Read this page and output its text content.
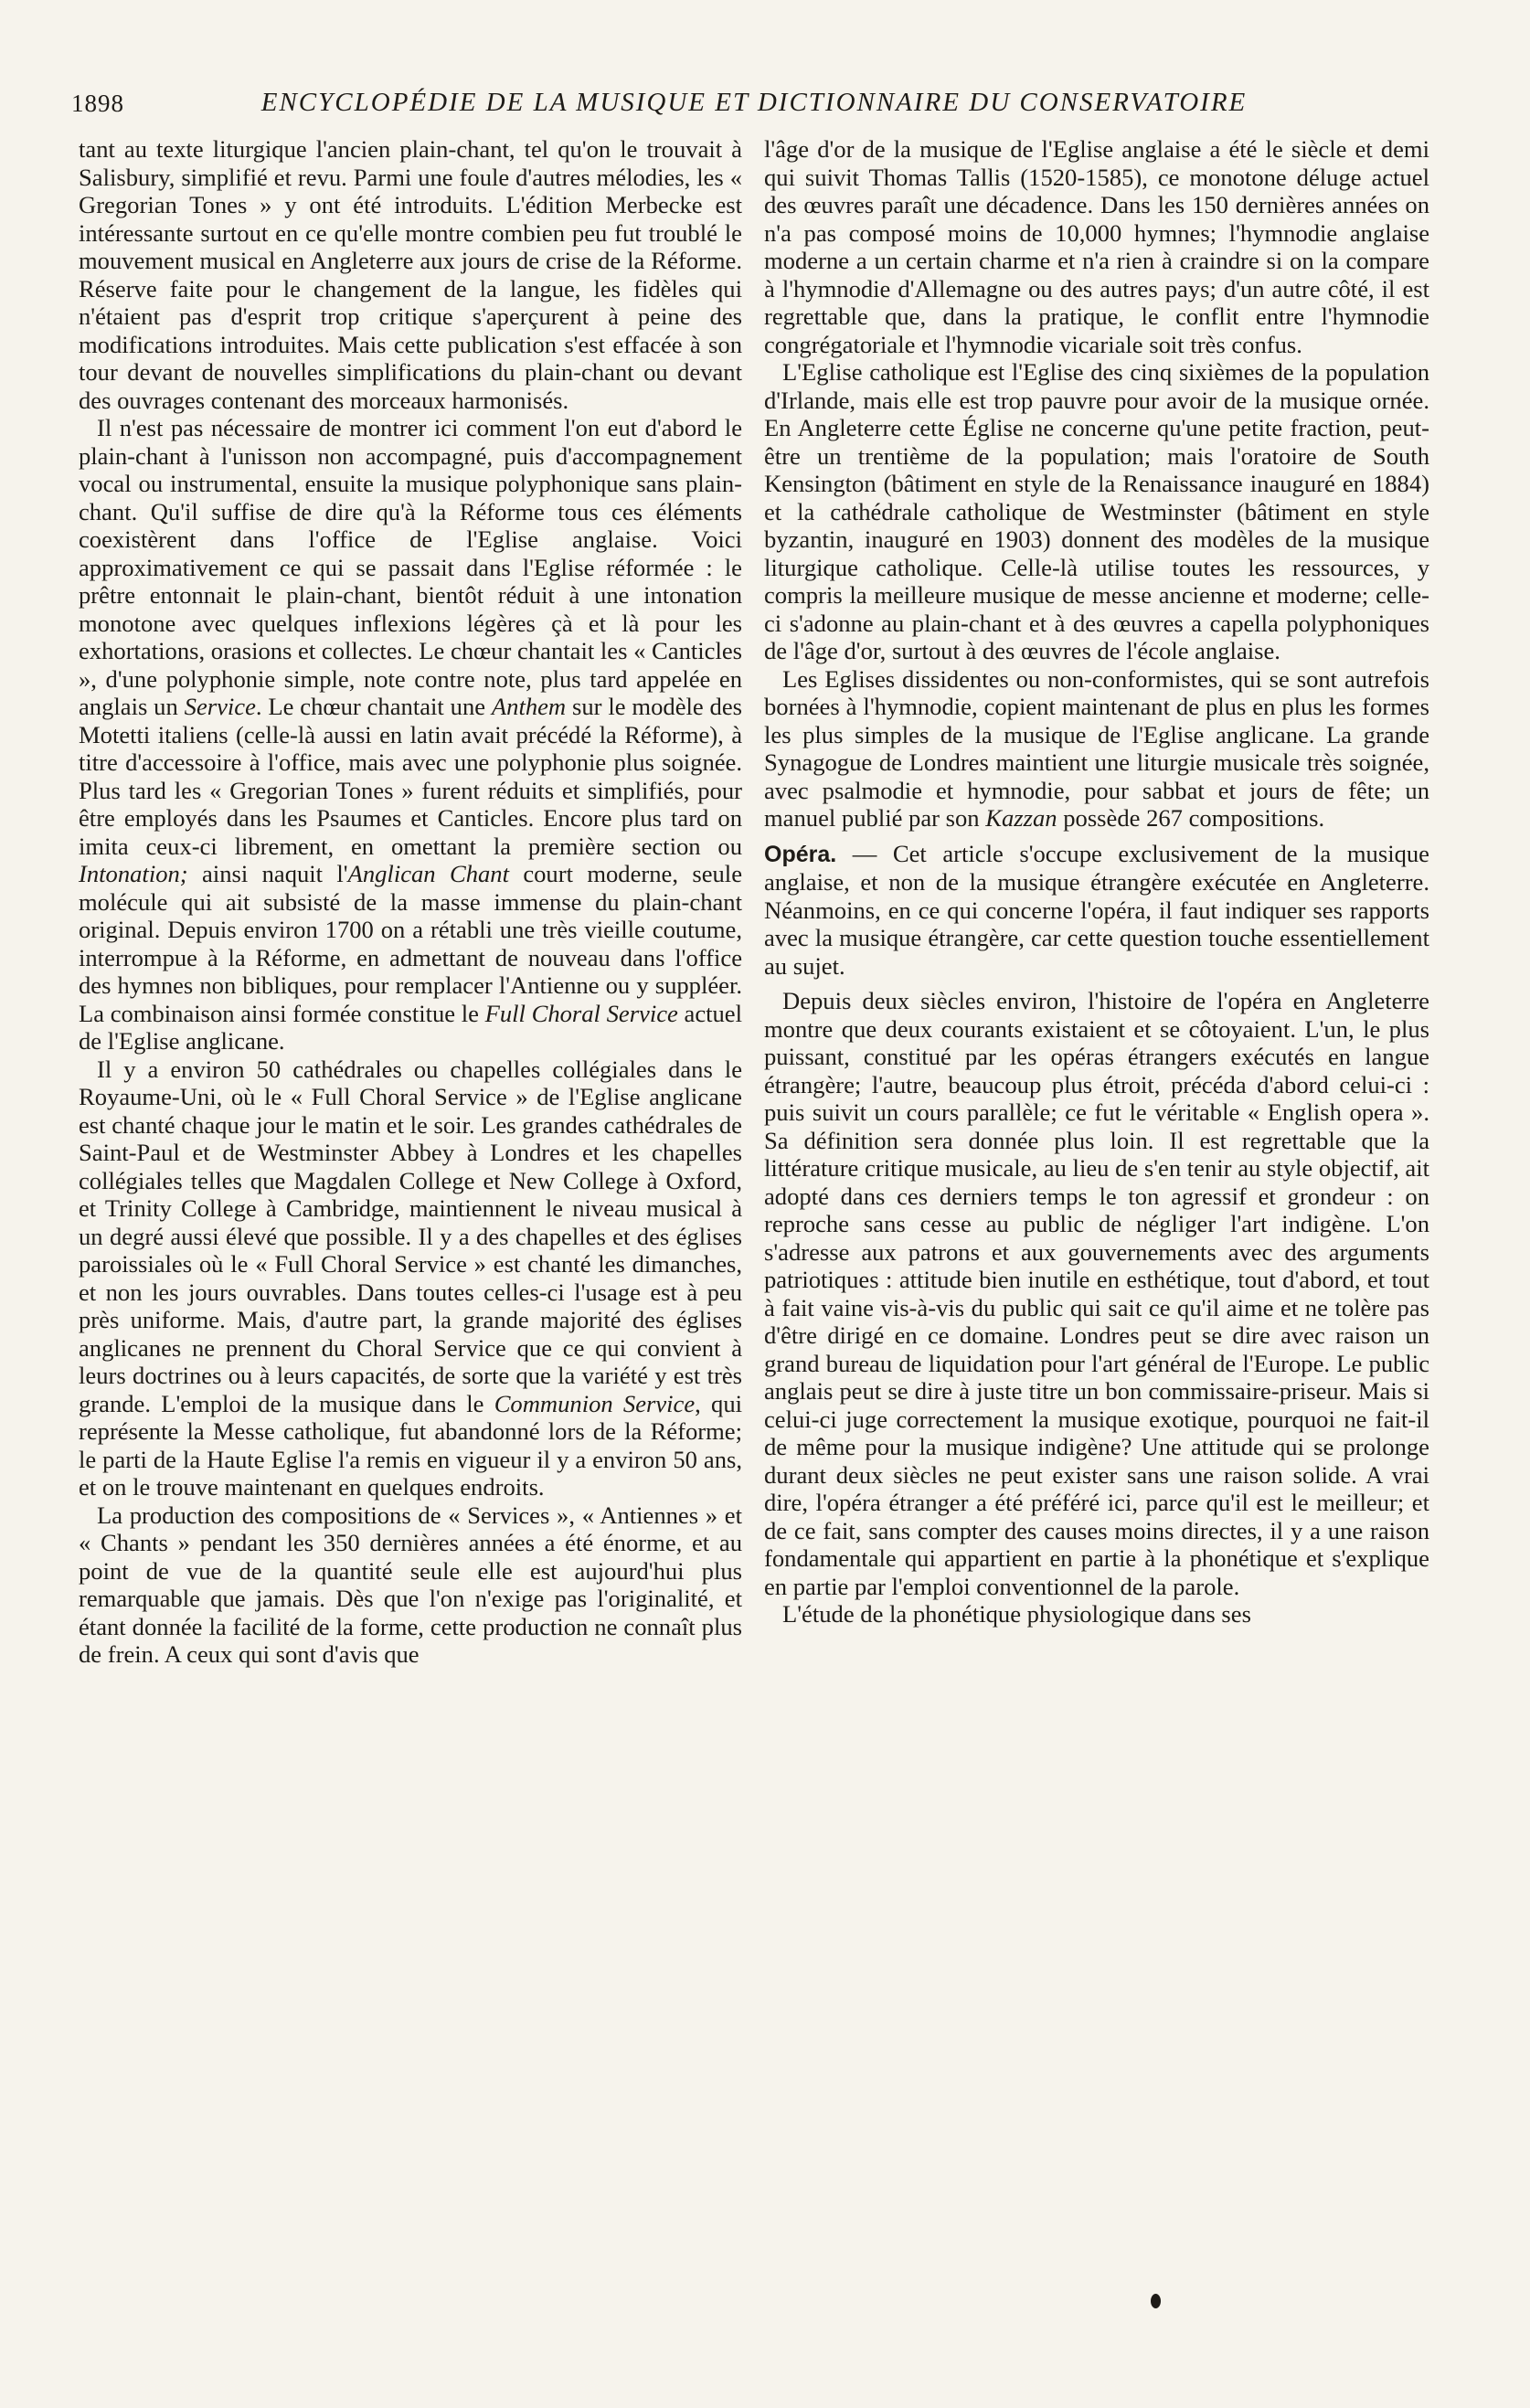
1898	ENCYCLOPÉDIE DE LA MUSIQUE ET DICTIONNAIRE DU CONSERVATOIRE

tant au texte liturgique l'ancien plain-chant, tel qu'on le trouvait à Salisbury, simplifié et revu. Parmi une foule d'autres mélodies, les « Gregorian Tones » y ont été introduits. L'édition Merbecke est intéressante surtout en ce qu'elle montre combien peu fut troublé le mouvement musical en Angleterre aux jours de crise de la Réforme. Réserve faite pour le changement de la langue, les fidèles qui n'étaient pas d'esprit trop critique s'aperçurent à peine des modifications introduites. Mais cette publication s'est effacée à son tour devant de nouvelles simplifications du plain-chant ou devant des ouvrages contenant des morceaux harmonisés.

Il n'est pas nécessaire de montrer ici comment l'on eut d'abord le plain-chant à l'unisson non accompagné, puis d'accompagnement vocal ou instrumental, ensuite la musique polyphonique sans plain-chant. Qu'il suffise de dire qu'à la Réforme tous ces éléments coexistèrent dans l'office de l'Eglise anglaise. Voici approximativement ce qui se passait dans l'Eglise réformée : le prêtre entonnait le plain-chant, bientôt réduit à une intonation monotone avec quelques inflexions légères çà et là pour les exhortations, orasions et collectes. Le chœur chantait les « Canticles », d'une polyphonie simple, note contre note, plus tard appelée en anglais un Service. Le chœur chantait une Anthem sur le modèle des Motetti italiens (celle-là aussi en latin avait précédé la Réforme), à titre d'accessoire à l'office, mais avec une polyphonie plus soignée. Plus tard les « Gregorian Tones » furent réduits et simplifiés, pour être employés dans les Psaumes et Canticles. Encore plus tard on imita ceux-ci librement, en omettant la première section ou Intonation; ainsi naquit l'Anglican Chant court moderne, seule molécule qui ait subsisté de la masse immense du plain-chant original. Depuis environ 1700 on a rétabli une très vieille coutume, interrompue à la Réforme, en admettant de nouveau dans l'office des hymnes non bibliques, pour remplacer l'Antienne ou y suppléer. La combinaison ainsi formée constitue le Full Choral Service actuel de l'Eglise anglicane.

Il y a environ 50 cathédrales ou chapelles collégiales dans le Royaume-Uni, où le « Full Choral Service » de l'Eglise anglicane est chanté chaque jour le matin et le soir. Les grandes cathédrales de Saint-Paul et de Westminster Abbey à Londres et les chapelles collégiales telles que Magdalen College et New College à Oxford, et Trinity College à Cambridge, maintiennent le niveau musical à un degré aussi élevé que possible. Il y a des chapelles et des églises paroissiales où le « Full Choral Service » est chanté les dimanches, et non les jours ouvrables. Dans toutes celles-ci l'usage est à peu près uniforme. Mais, d'autre part, la grande majorité des églises anglicanes ne prennent du Choral Service que ce qui convient à leurs doctrines ou à leurs capacités, de sorte que la variété y est très grande. L'emploi de la musique dans le Communion Service, qui représente la Messe catholique, fut abandonné lors de la Réforme; le parti de la Haute Eglise l'a remis en vigueur il y a environ 50 ans, et on le trouve maintenant en quelques endroits.

La production des compositions de « Services », « Antiennes » et « Chants » pendant les 350 dernières années a été énorme, et au point de vue de la quantité seule elle est aujourd'hui plus remarquable que jamais. Dès que l'on n'exige pas l'originalité, et étant donnée la facilité de la forme, cette production ne connaît plus de frein. A ceux qui sont d'avis que

l'âge d'or de la musique de l'Eglise anglaise a été le siècle et demi qui suivit Thomas Tallis (1520-1585), ce monotone déluge actuel des œuvres paraît une décadence. Dans les 150 dernières années on n'a pas composé moins de 10,000 hymnes; l'hymnodie anglaise moderne a un certain charme et n'a rien à craindre si on la compare à l'hymnodie d'Allemagne ou des autres pays; d'un autre côté, il est regrettable que, dans la pratique, le conflit entre l'hymnodie congrégatoriale et l'hymnodie vicariale soit très confus.

L'Eglise catholique est l'Eglise des cinq sixièmes de la population d'Irlande, mais elle est trop pauvre pour avoir de la musique ornée. En Angleterre cette Église ne concerne qu'une petite fraction, peut-être un trentième de la population; mais l'oratoire de South Kensington (bâtiment en style de la Renaissance inauguré en 1884) et la cathédrale catholique de Westminster (bâtiment en style byzantin, inauguré en 1903) donnent des modèles de la musique liturgique catholique. Celle-là utilise toutes les ressources, y compris la meilleure musique de messe ancienne et moderne; celle-ci s'adonne au plain-chant et à des œuvres a capella polyphoniques de l'âge d'or, surtout à des œuvres de l'école anglaise.

Les Eglises dissidentes ou non-conformistes, qui se sont autrefois bornées à l'hymnodie, copient maintenant de plus en plus les formes les plus simples de la musique de l'Eglise anglicane. La grande Synagogue de Londres maintient une liturgie musicale très soignée, avec psalmodie et hymnodie, pour sabbat et jours de fête; un manuel publié par son Kazzan possède 267 compositions.

Opéra. — Cet article s'occupe exclusivement de la musique anglaise, et non de la musique étrangère exécutée en Angleterre. Néanmoins, en ce qui concerne l'opéra, il faut indiquer ses rapports avec la musique étrangère, car cette question touche essentiellement au sujet.

Depuis deux siècles environ, l'histoire de l'opéra en Angleterre montre que deux courants existaient et se côtoyaient. L'un, le plus puissant, constitué par les opéras étrangers exécutés en langue étrangère; l'autre, beaucoup plus étroit, précéda d'abord celui-ci : puis suivit un cours parallèle; ce fut le véritable « English opera ». Sa définition sera donnée plus loin. Il est regrettable que la littérature critique musicale, au lieu de s'en tenir au style objectif, ait adopté dans ces derniers temps le ton agressif et grondeur : on reproche sans cesse au public de négliger l'art indigène. L'on s'adresse aux patrons et aux gouvernements avec des arguments patriotiques : attitude bien inutile en esthétique, tout d'abord, et tout à fait vaine vis-à-vis du public qui sait ce qu'il aime et ne tolère pas d'être dirigé en ce domaine. Londres peut se dire avec raison un grand bureau de liquidation pour l'art général de l'Europe. Le public anglais peut se dire à juste titre un bon commissaire-priseur. Mais si celui-ci juge correctement la musique exotique, pourquoi ne fait-il de même pour la musique indigène? Une attitude qui se prolonge durant deux siècles ne peut exister sans une raison solide. A vrai dire, l'opéra étranger a été préféré ici, parce qu'il est le meilleur; et de ce fait, sans compter des causes moins directes, il y a une raison fondamentale qui appartient en partie à la phonétique et s'explique en partie par l'emploi conventionnel de la parole.

L'étude de la phonétique physiologique dans ses
